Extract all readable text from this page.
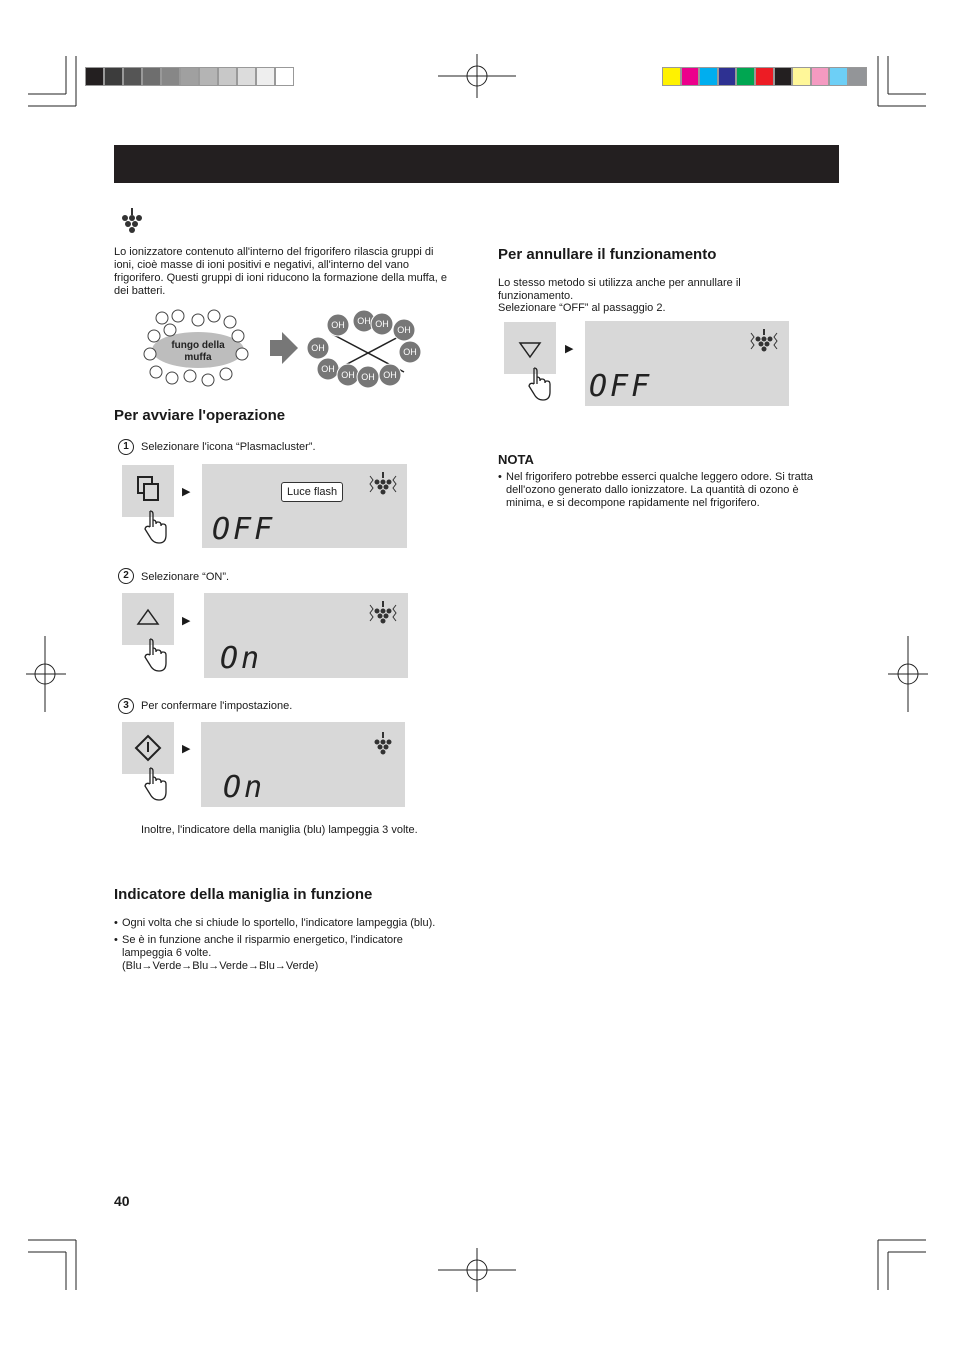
Lo ionizzatore contenuto all'interno del frigorifero rilascia gruppi di ioni, cioè masse di ioni positivi e negativi, all'interno del vano frigorifero. Questi gruppi di ioni riducono la formazione della muffa, e dei batteri.
fungo della
muffa
OH OH OH
OH
OH	OH
OH
OH OH OH
Per avviare l'operazione
1	Selezionare l'icona “Plasmacluster”.
▶
OFF
Luce flash
2	Selezionare “ON”.
▶
On
3	Per confermare l'impostazione.
▶
On
Inoltre, l'indicatore della maniglia (blu) lampeggia 3 volte.
Indicatore della maniglia in funzione
• Ogni volta che si chiude lo sportello, l'indicatore lampeggia (blu).
• Se è in funzione anche il risparmio energetico, l'indicatore lampeggia 6 volte.
(Blu→Verde→Blu→Verde→Blu→Verde)
Per annullare il funzionamento
Lo stesso metodo si utilizza anche per annullare il funzionamento.
Selezionare “OFF” al passaggio 2.
▶
OFF
NOTA
• Nel frigorifero potrebbe esserci qualche leggero odore. Si tratta dell'ozono generato dallo ionizzatore. La quantità di ozono è minima, e si decompone rapidamente nel frigorifero.
40
